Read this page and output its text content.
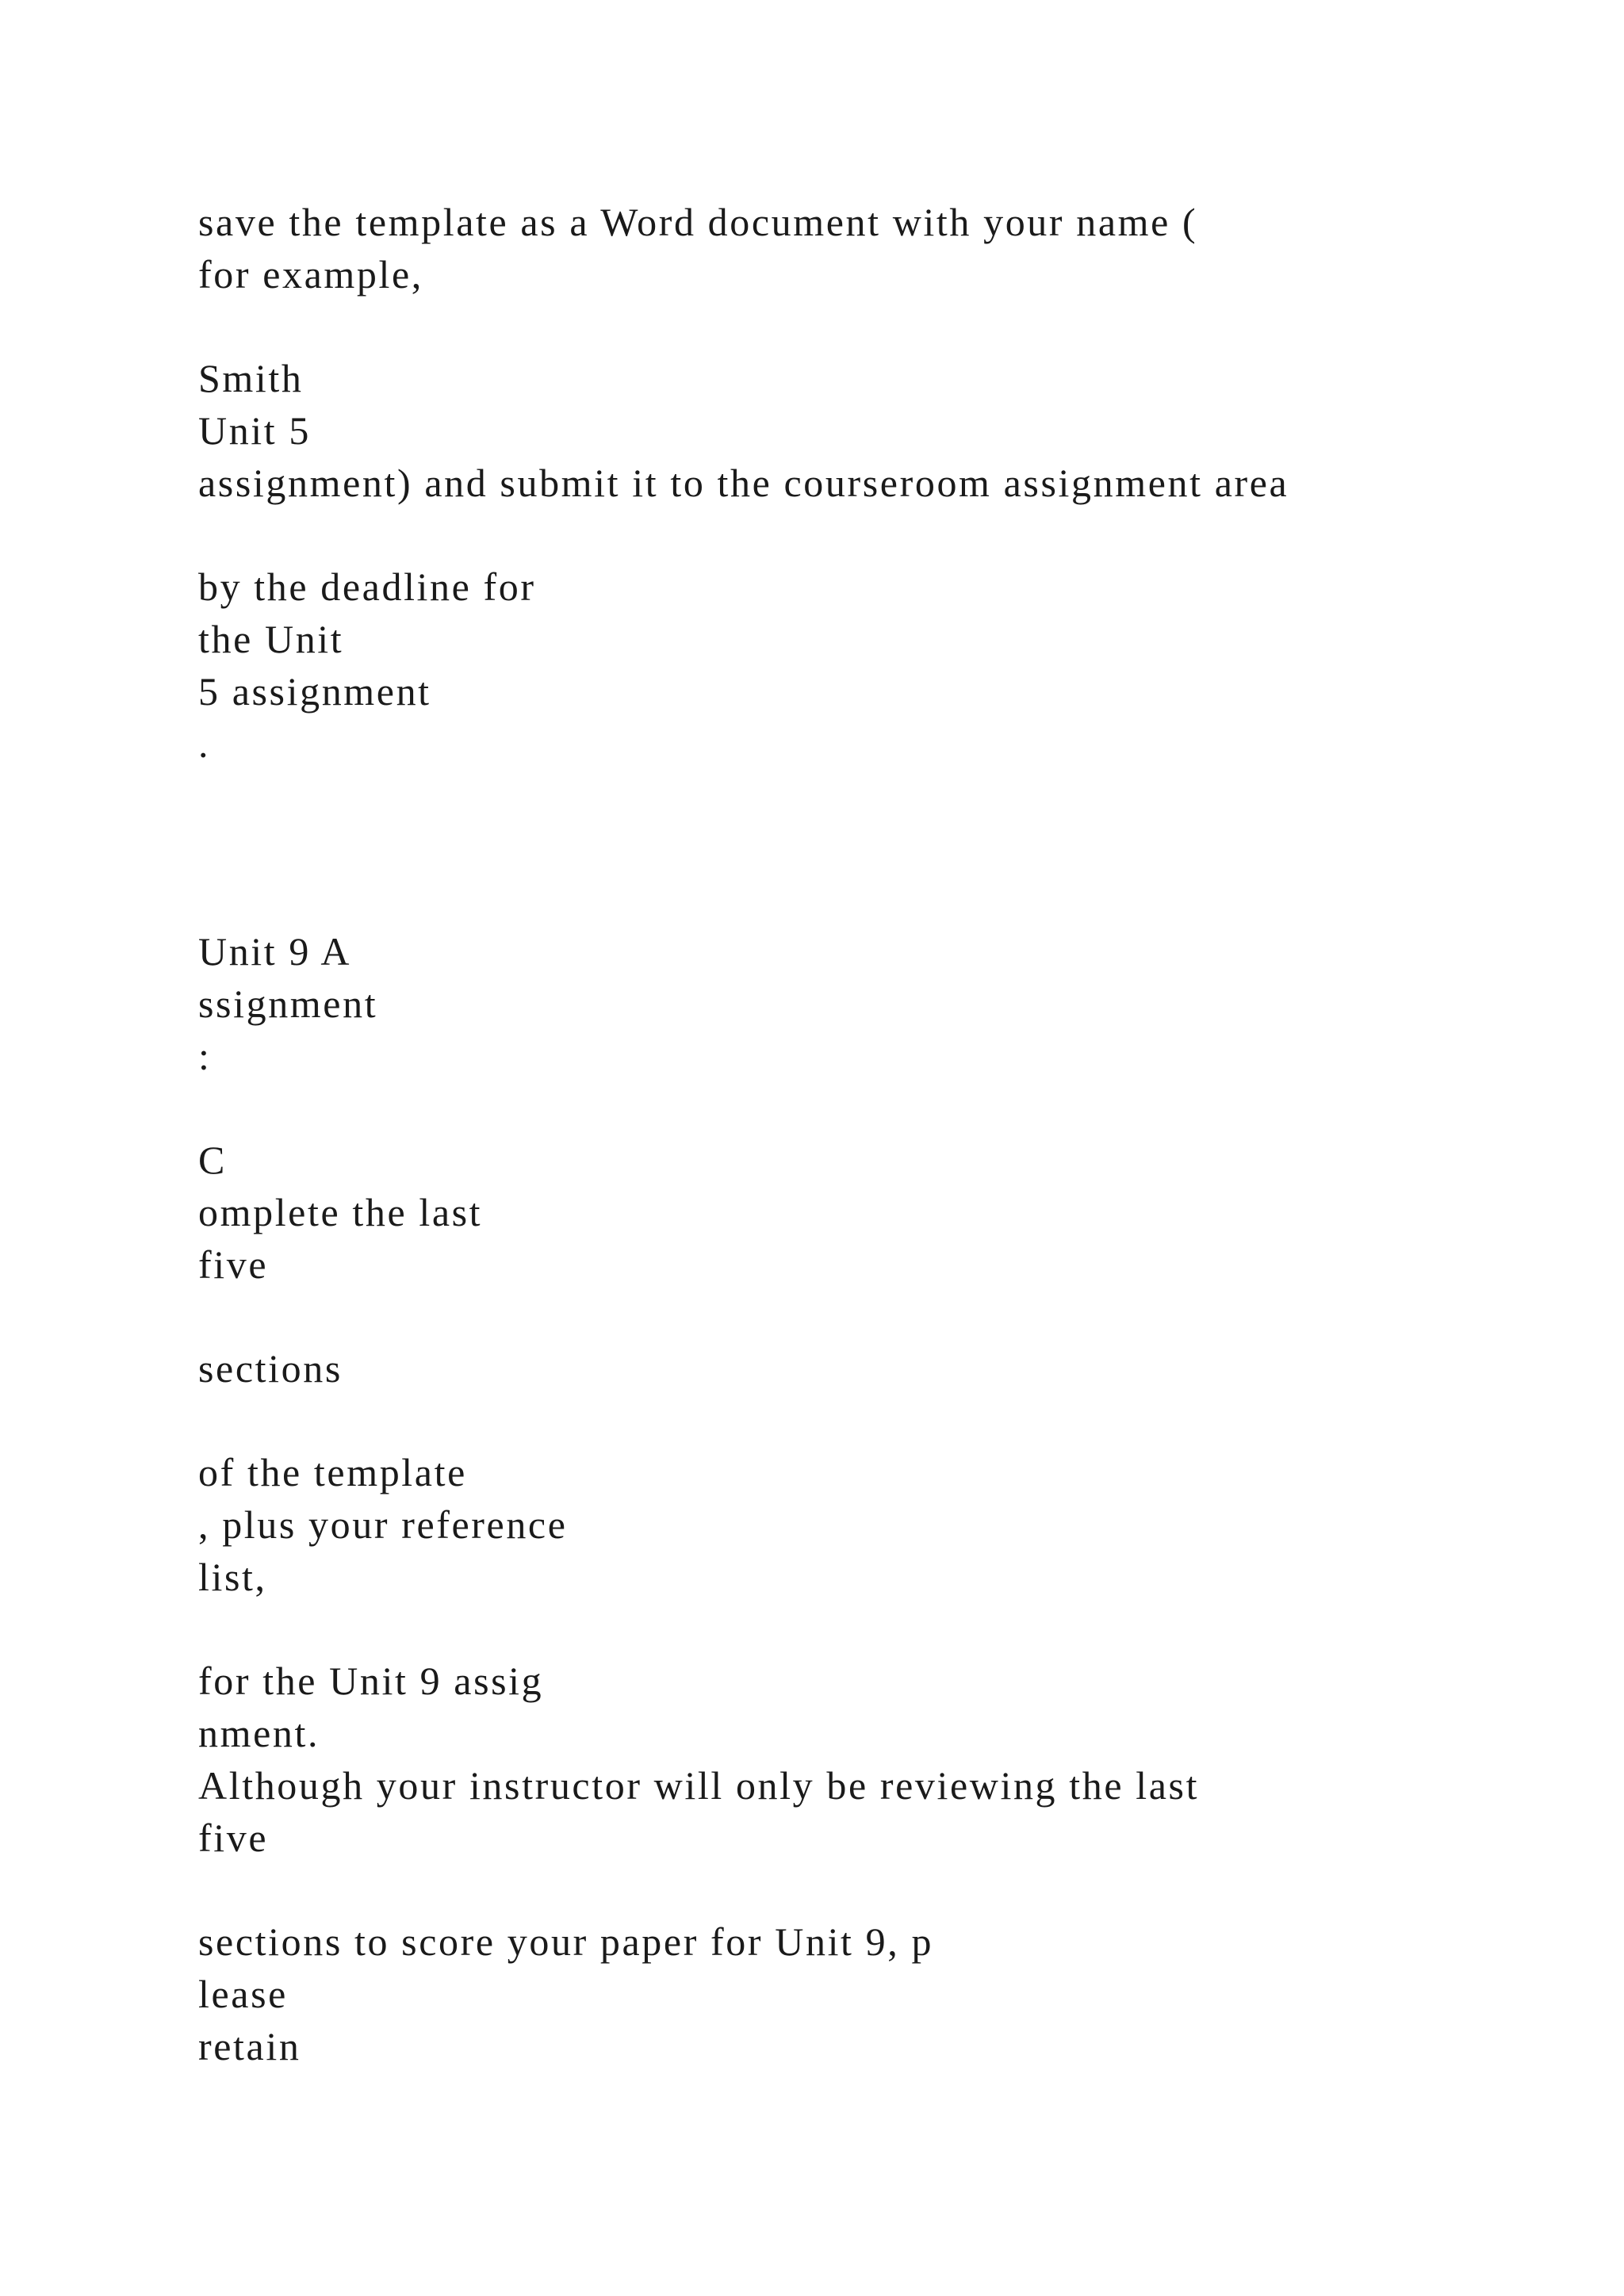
save the template as a Word document with your name (

for example,

Smith

Unit 5

assignment) and submit it to the courseroom assignment area

by the deadline for

the Unit

5 assignment

.

Unit 9 A

ssignment

:

C

omplete the last

five

sections

of the template

, plus your reference

list,

for the Unit 9 assig

nment.

Although your instructor will only be reviewing the last

five

sections to score your paper for Unit 9, p

lease

retain
